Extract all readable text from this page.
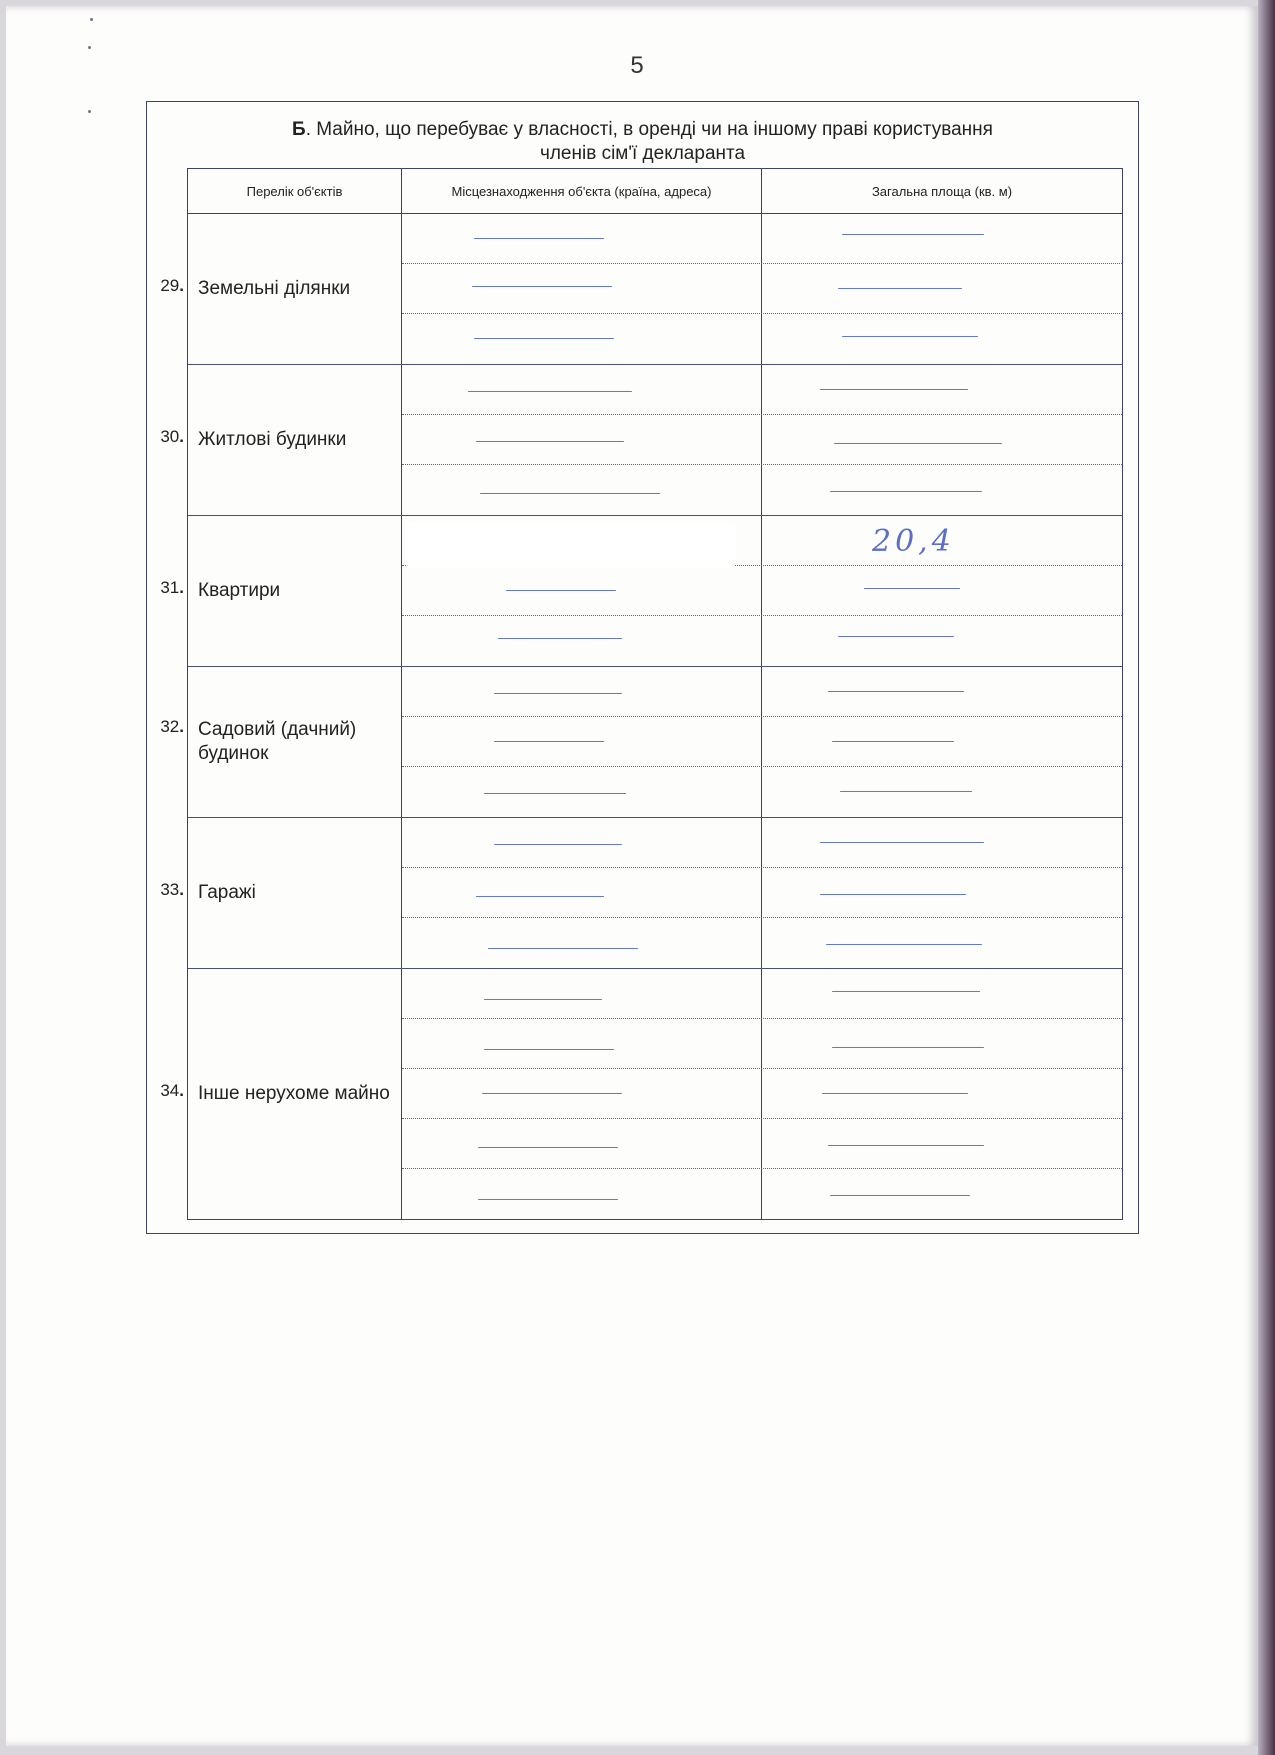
5
Б. Майно, що перебуває у власності, в оренді чи на іншому праві користування
членів сім'ї декларанта
Перелік об'єктів	Місцезнаходження об'єкта (країна, адреса)	Загальна площа (кв. м)
29. Земельні ділянки
30. Житлові будинки
31. Квартири
20,4
32. Садовий (дачний) будинок
33. Гаражі
34. Інше нерухоме майно
